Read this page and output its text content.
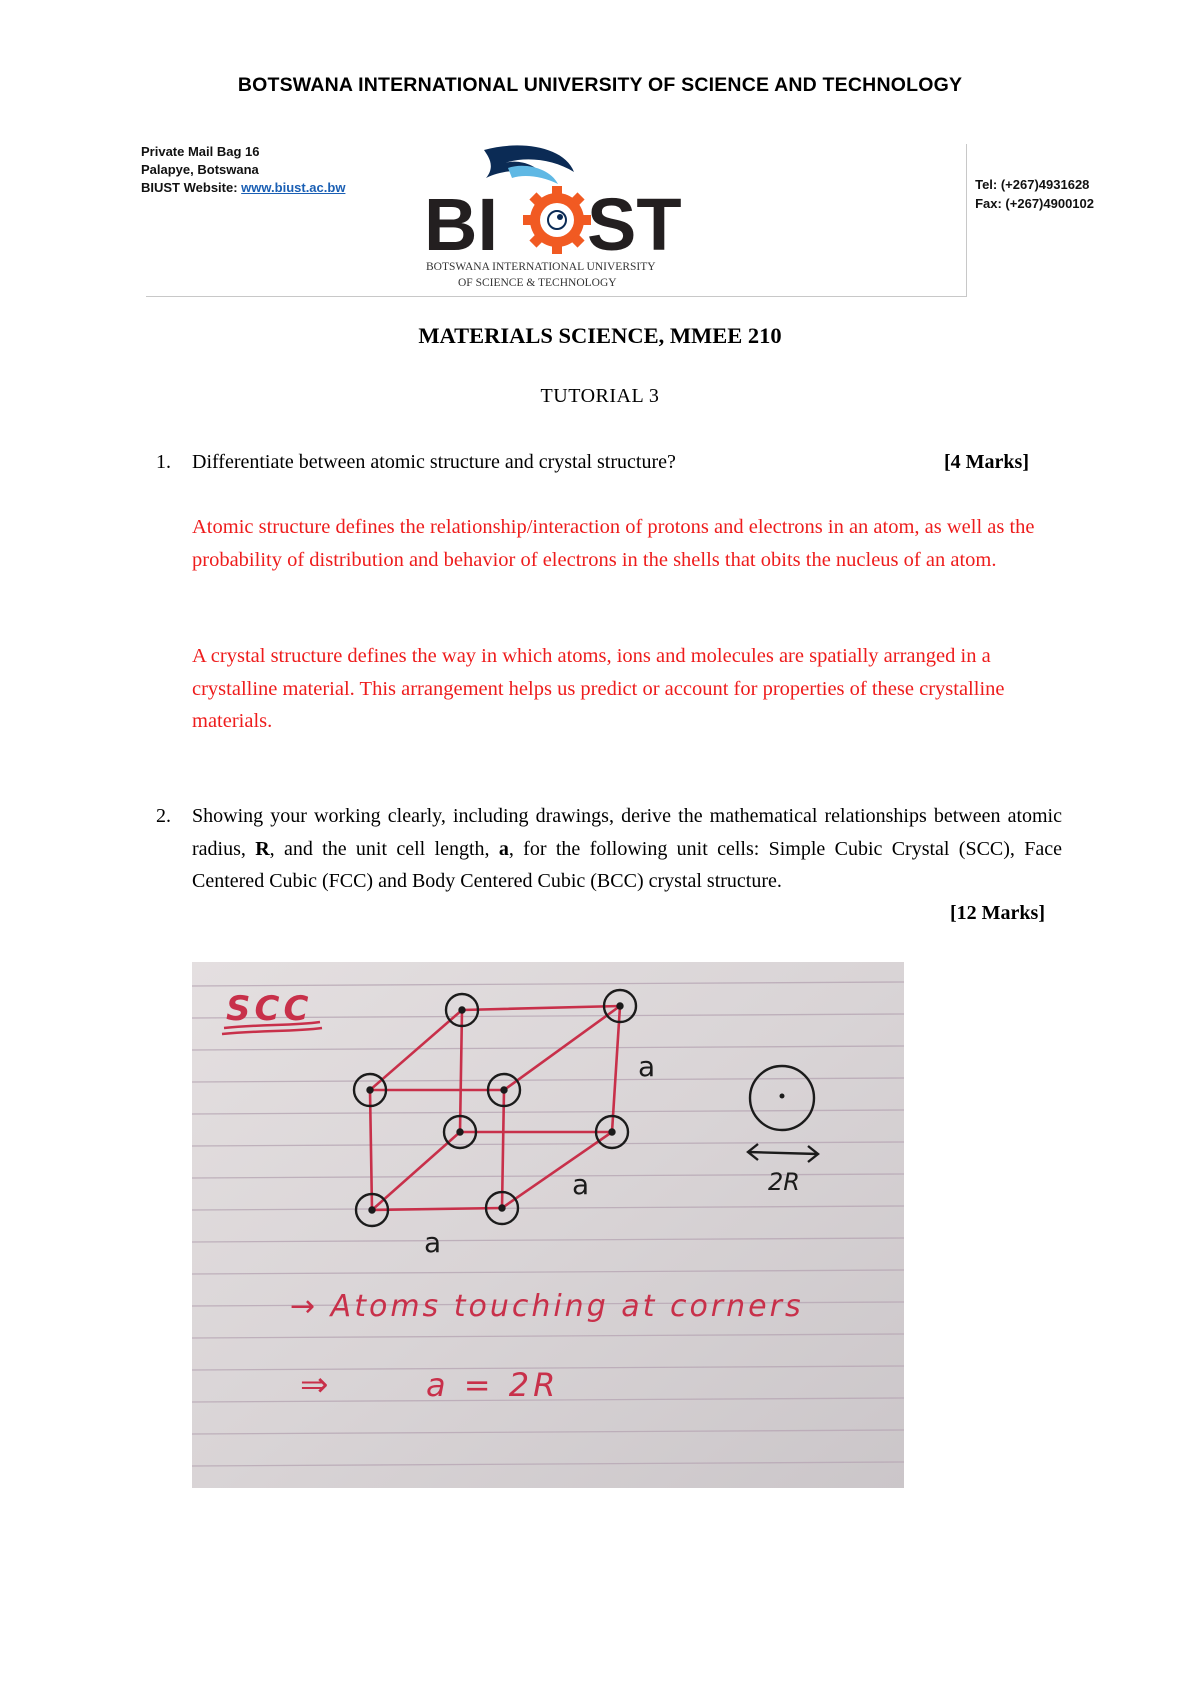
BOTSWANA INTERNATIONAL UNIVERSITY OF SCIENCE AND TECHNOLOGY
Private Mail Bag 16
Palapye, Botswana
BIUST Website: www.biust.ac.bw	Tel: (+267)4931628
Fax: (+267)4900102
BI ST
BOTSWANA INTERNATIONAL UNIVERSITY
OF SCIENCE & TECHNOLOGY
MATERIALS SCIENCE, MMEE 210
TUTORIAL 3
1. Differentiate between atomic structure and crystal structure?	[4 Marks]
Atomic structure defines the relationship/interaction of protons and electrons in an atom, as well as the probability of distribution and behavior of electrons in the shells that obits the nucleus of an atom.
A crystal structure defines the way in which atoms, ions and molecules are spatially arranged in a crystalline material. This arrangement helps us predict or account for properties of these crystalline materials.
2. Showing your working clearly, including drawings, derive the mathematical relationships between atomic radius, R, and the unit cell length, a, for the following unit cells: Simple Cubic Crystal (SCC), Face Centered Cubic (FCC) and Body Centered Cubic (BCC) crystal structure.
[12 Marks]
SCC
a
a
a
2R
→ Atoms touching at corners
⇒	a = 2R
